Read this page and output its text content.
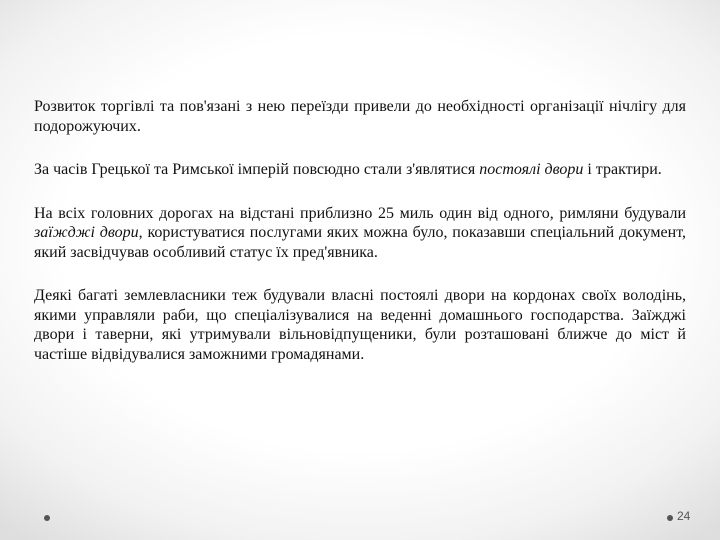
Розвиток торгівлі та пов'язані з нею переїзди привели до необхідності організації нічлігу для подорожуючих.

За часів Грецької та Римської імперій повсюдно стали з'являтися постоялі двори і трактири.

На всіх головних дорогах на відстані приблизно 25 миль один від одного, римляни будували заїжджі двори, користуватися послугами яких можна було, показавши спеціальний документ, який засвідчував особливий статус їх пред'явника.

Деякі багаті землевласники теж будували власні постоялі двори на кордонах своїх володінь, якими управляли раби, що спеціалізувалися на веденні домашнього господарства. Заїжджі двори і таверни, які утримували вільновідпущеники, були розташовані ближче до міст й частіше відвідувалися заможними громадянами.

24
